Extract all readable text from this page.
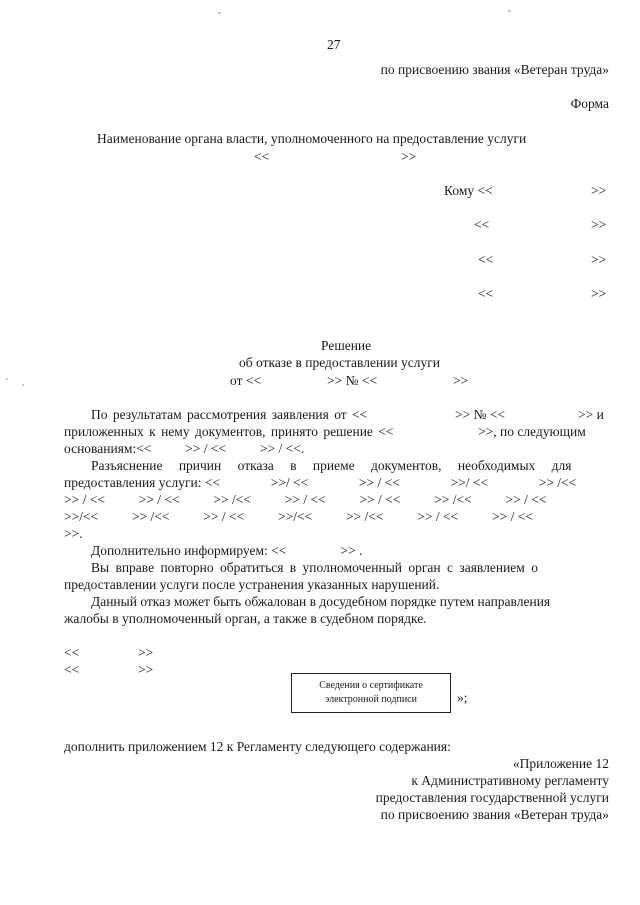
27
по присвоению звания «Ветеран труда»
Форма
Наименование органа власти, уполномоченного на предоставление услуги
<<	>>
Кому <<	>>
<<	>>
<<	>>
<<	>>
Решение
об отказе в предоставлении услуги
от <<	>> № <<	>>
По результатам рассмотрения заявления от <<	>> № <<	>> и
приложенных к нему документов, принято решение <<	>>, по следующим
основаниям:<<          >> / <<          >> / <<.
Разъяснение причин отказа в приеме документов, необходимых для
предоставления услуги: <<               >>/ <<               >> / <<               >>/ <<               >> /<<
>> / <<          >> / <<          >> /<<          >> / <<          >> / <<          >> /<<          >> / <<
>>/<<          >> /<<          >> / <<          >>/<<          >> /<<          >> / <<          >> / <<
>>.
Дополнительно информируем: <<                >> .
Вы вправе повторно обратиться в уполномоченный орган с заявлением о
предоставлении услуги после устранения указанных нарушений.
Данный отказ может быть обжалован в досудебном порядке путем направления
жалобы в уполномоченный орган, а также в судебном порядке.
<<	>>
<<	>>
Сведения о сертификате
электронной подписи	»;
дополнить приложением 12 к Регламенту следующего содержания:
«Приложение 12
к Административному регламенту
предоставления государственной услуги
по присвоению звания «Ветеран труда»
